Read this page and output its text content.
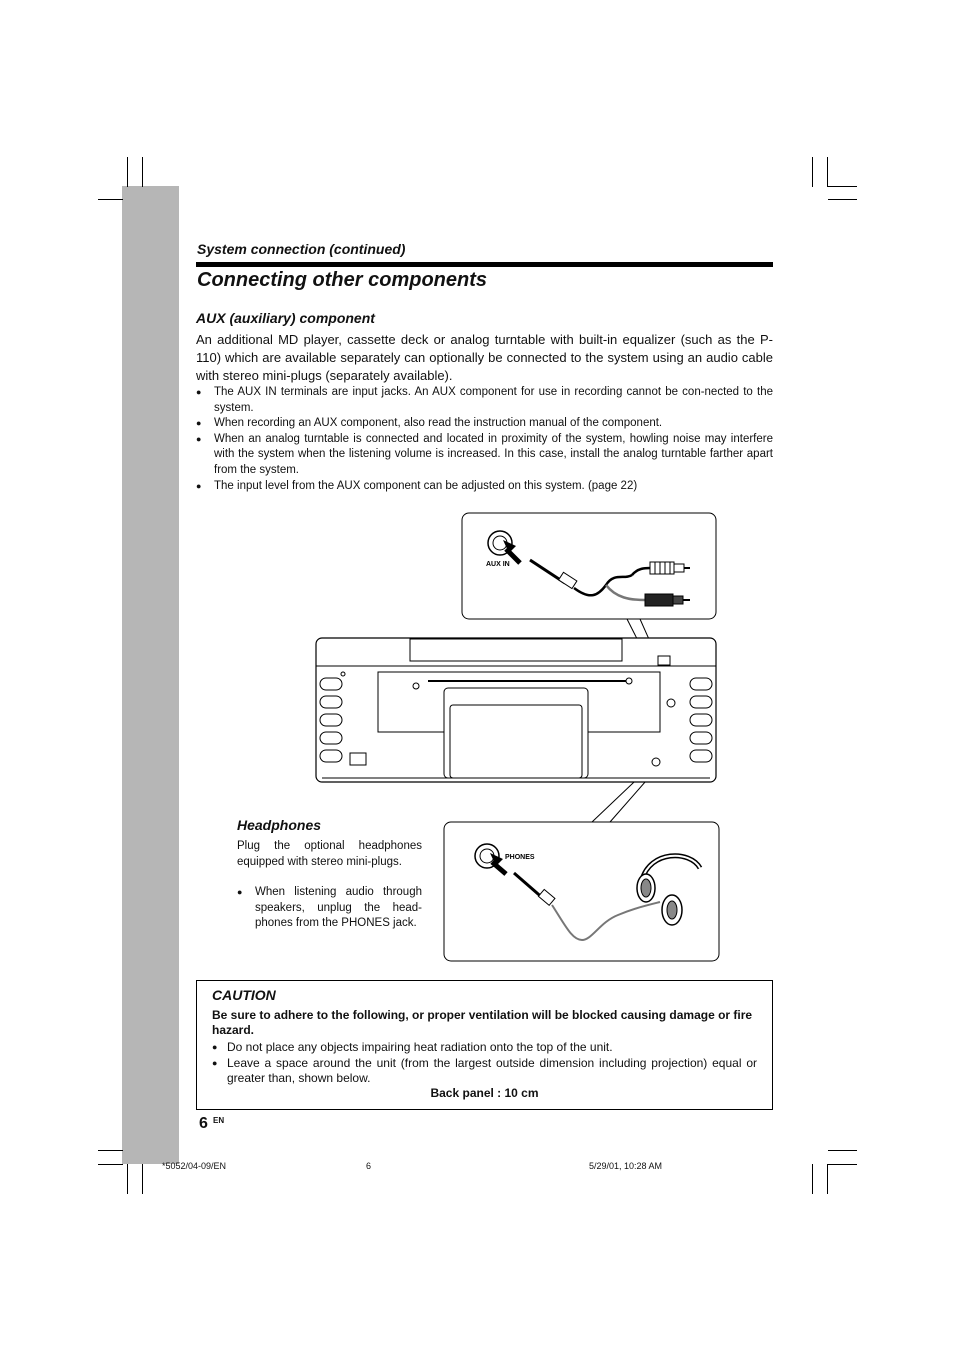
System connection (continued)
Connecting other components
AUX (auxiliary) component
An additional MD player, cassette deck or analog turntable with built-in equalizer (such as the P-110) which are available separately can optionally be connected to the system using an audio cable with stereo mini-plugs (separately available).
● The AUX IN terminals are input jacks. An AUX component for use in recording cannot be con-nected to the system.
● When recording an AUX component, also read the instruction manual of the component.
● When an analog turntable is connected and located in proximity of the system, howling noise may interfere with the system when the listening volume is increased. In this case, install the analog turntable farther apart from the system.
● The input level from the AUX component can be adjusted on this system. (page 22)
AUX IN
PHONES
Headphones
Plug the optional headphones equipped with stereo mini-plugs.
● When listening audio through speakers, unplug the head-phones from the PHONES jack.
CAUTION
Be sure to adhere to the following, or proper ventilation will be blocked causing damage or fire hazard.
● Do not place any objects impairing heat radiation onto the top of the unit.
● Leave a space around the unit (from the largest outside dimension including projection) equal or greater than, shown below.
Back panel : 10 cm
6 EN
*5052/04-09/EN	6	5/29/01, 10:28 AM
